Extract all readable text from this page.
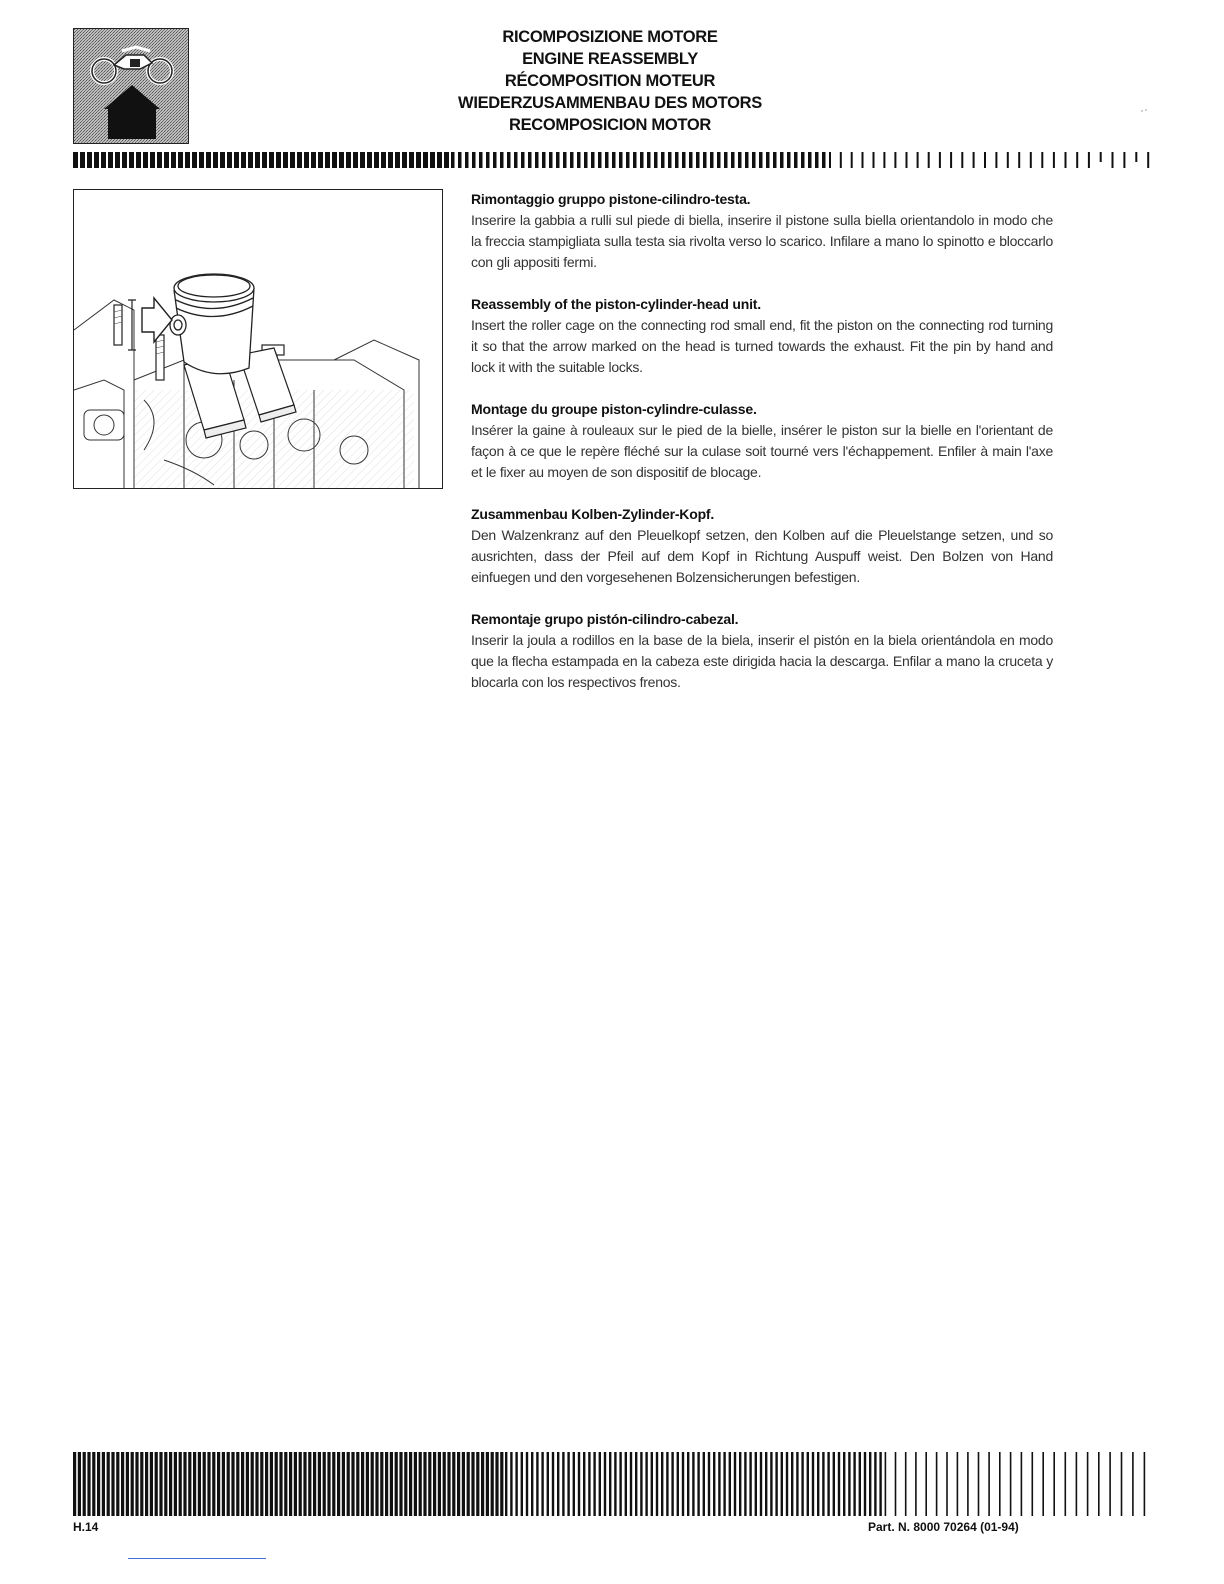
RICOMPOSIZIONE MOTORE
ENGINE REASSEMBLY
RÉCOMPOSITION MOTEUR
WIEDERZUSAMMENBAU DES MOTORS
RECOMPOSICION MOTOR
Rimontaggio gruppo pistone-cilindro-testa.

Inserire la gabbia a rulli sul piede di biella, inserire il pistone sulla biella orientandolo in modo che la freccia stampigliata sulla testa sia rivolta verso lo scarico. Infilare a mano lo spinotto e bloccarlo con gli appositi fermi.

Reassembly of the piston-cylinder-head unit.

Insert the roller cage on the connecting rod small end, fit the piston on the connecting rod turning it so that the arrow marked on the head is turned towards the exhaust. Fit the pin by hand and lock it with the suitable locks.

Montage du groupe piston-cylindre-culasse.

Insérer la gaine à rouleaux sur le pied de la bielle, insérer le piston sur la bielle en l'orientant de façon à ce que le repère fléché sur la culase soit tourné vers l'échappement. Enfiler à main l'axe et le fixer au moyen de son dispositif de blocage.

Zusammenbau Kolben-Zylinder-Kopf.

Den Walzenkranz auf den Pleuelkopf setzen, den Kolben auf die Pleuelstange setzen, und so ausrichten, dass der Pfeil auf dem Kopf in Richtung Auspuff weist. Den Bolzen von Hand einfuegen und den vorgesehenen Bolzensicherungen befestigen.

Remontaje grupo pistón-cilindro-cabezal.

Inserir la joula a rodillos en la base de la biela, inserir el pistón en la biela orientándola en modo que la flecha estampada en la cabeza este dirigida hacia la descarga. Enfilar a mano la cruceta y blocarla con los respectivos frenos.

H.14	Part. N. 8000 70264 (01-94)
